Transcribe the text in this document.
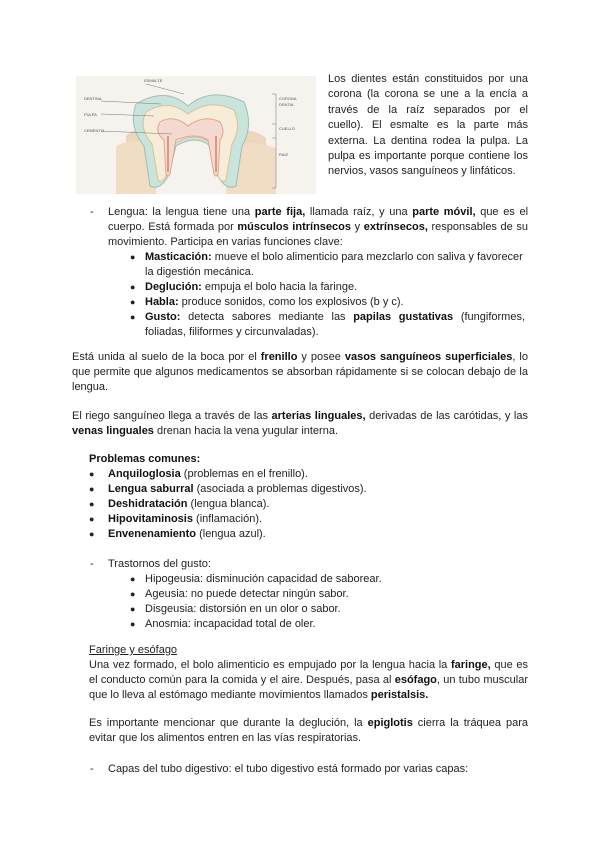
ESMALTE
DENTINA
PULPA
CEMENTO
CORONA
DENTAL
CUELLO
RAIZ
Los dientes están constituidos por una corona (la corona se une a la encía a través de la raíz separados por el cuello). El esmalte es la parte más externa. La dentina rodea la pulpa. La pulpa es importante porque contiene los nervios, vasos sanguíneos y linfáticos.
- Lengua: la lengua tiene una parte fija, llamada raíz, y una parte móvil, que es el cuerpo. Está formada por músculos intrínsecos y extrínsecos, responsables de su movimiento. Participa en varias funciones clave:
● Masticación: mueve el bolo alimenticio para mezclarlo con saliva y favorecer la digestión mecánica.
● Deglución: empuja el bolo hacia la faringe.
● Habla: produce sonidos, como los explosivos (b y c).
● Gusto: detecta sabores mediante las papilas gustativas (fungiformes, foliadas, filiformes y circunvaladas).
Está unida al suelo de la boca por el frenillo y posee vasos sanguíneos superficiales, lo que permite que algunos medicamentos se absorban rápidamente si se colocan debajo de la lengua.
El riego sanguíneo llega a través de las arterias linguales, derivadas de las carótidas, y las venas linguales drenan hacia la vena yugular interna.
Problemas comunes:
● Anquiloglosia (problemas en el frenillo).
● Lengua saburral (asociada a problemas digestivos).
● Deshidratación (lengua blanca).
● Hipovitaminosis (inflamación).
● Envenenamiento (lengua azul).
- Trastornos del gusto:
● Hipogeusia: disminución capacidad de saborear.
● Ageusia: no puede detectar ningún sabor.
● Disgeusia: distorsión en un olor o sabor.
● Anosmia: incapacidad total de oler.
Faringe y esófago
Una vez formado, el bolo alimenticio es empujado por la lengua hacia la faringe, que es el conducto común para la comida y el aire. Después, pasa al esófago, un tubo muscular que lo lleva al estómago mediante movimientos llamados peristalsis.
Es importante mencionar que durante la deglución, la epiglotis cierra la tráquea para evitar que los alimentos entren en las vías respiratorias.
- Capas del tubo digestivo: el tubo digestivo está formado por varias capas:
